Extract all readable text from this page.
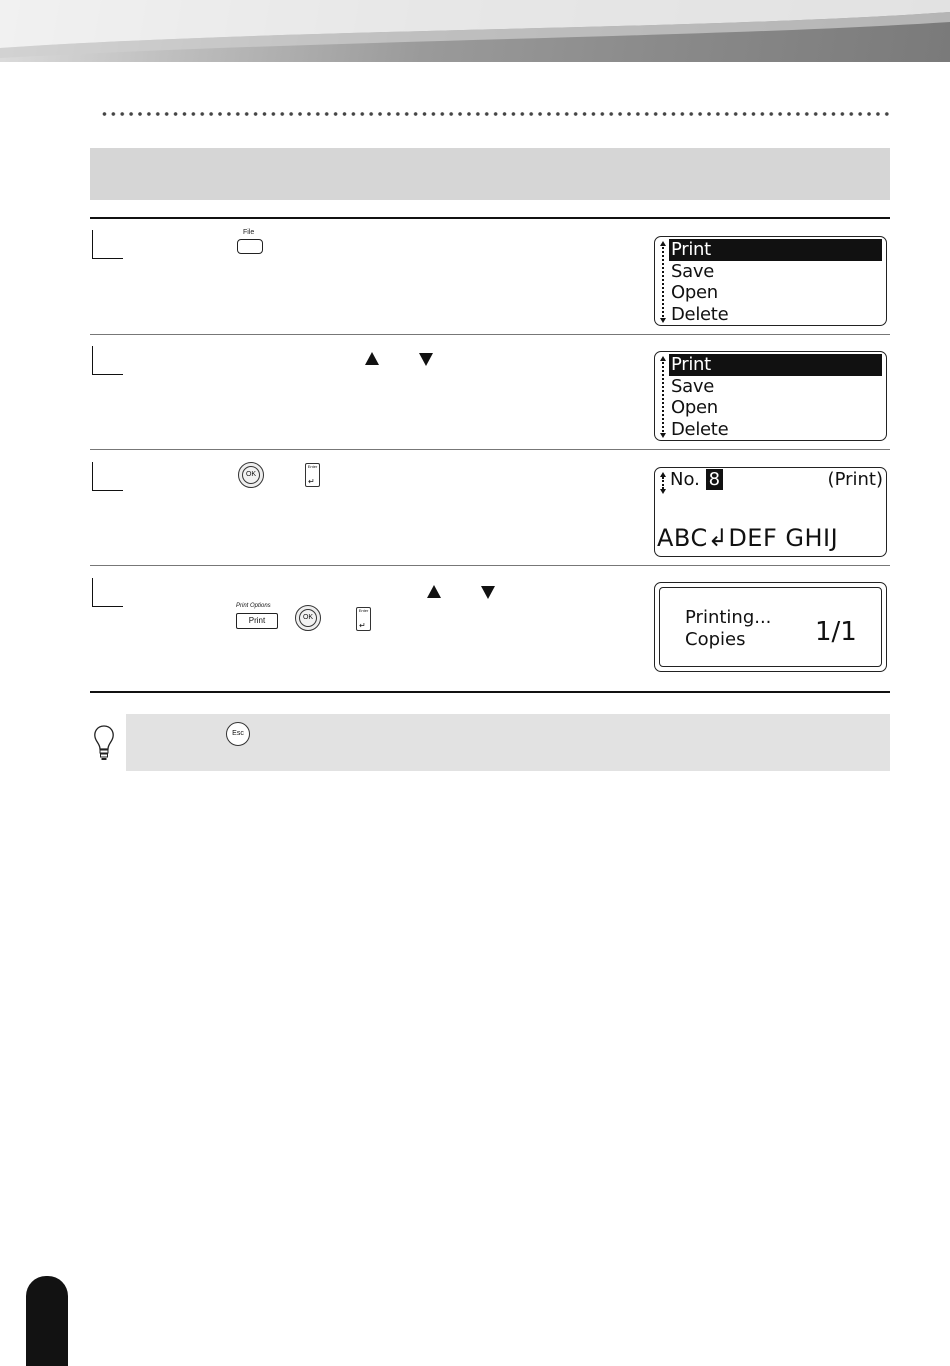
File
Print
Save
Open
Delete
Print
Save
Open
Delete
OK
Enter ↵
No. 8	(Print)
ABC↲DEF GHIJ
Print Options
Print	OK
Enter ↵	Printing...
Copies	1/1
Esc
